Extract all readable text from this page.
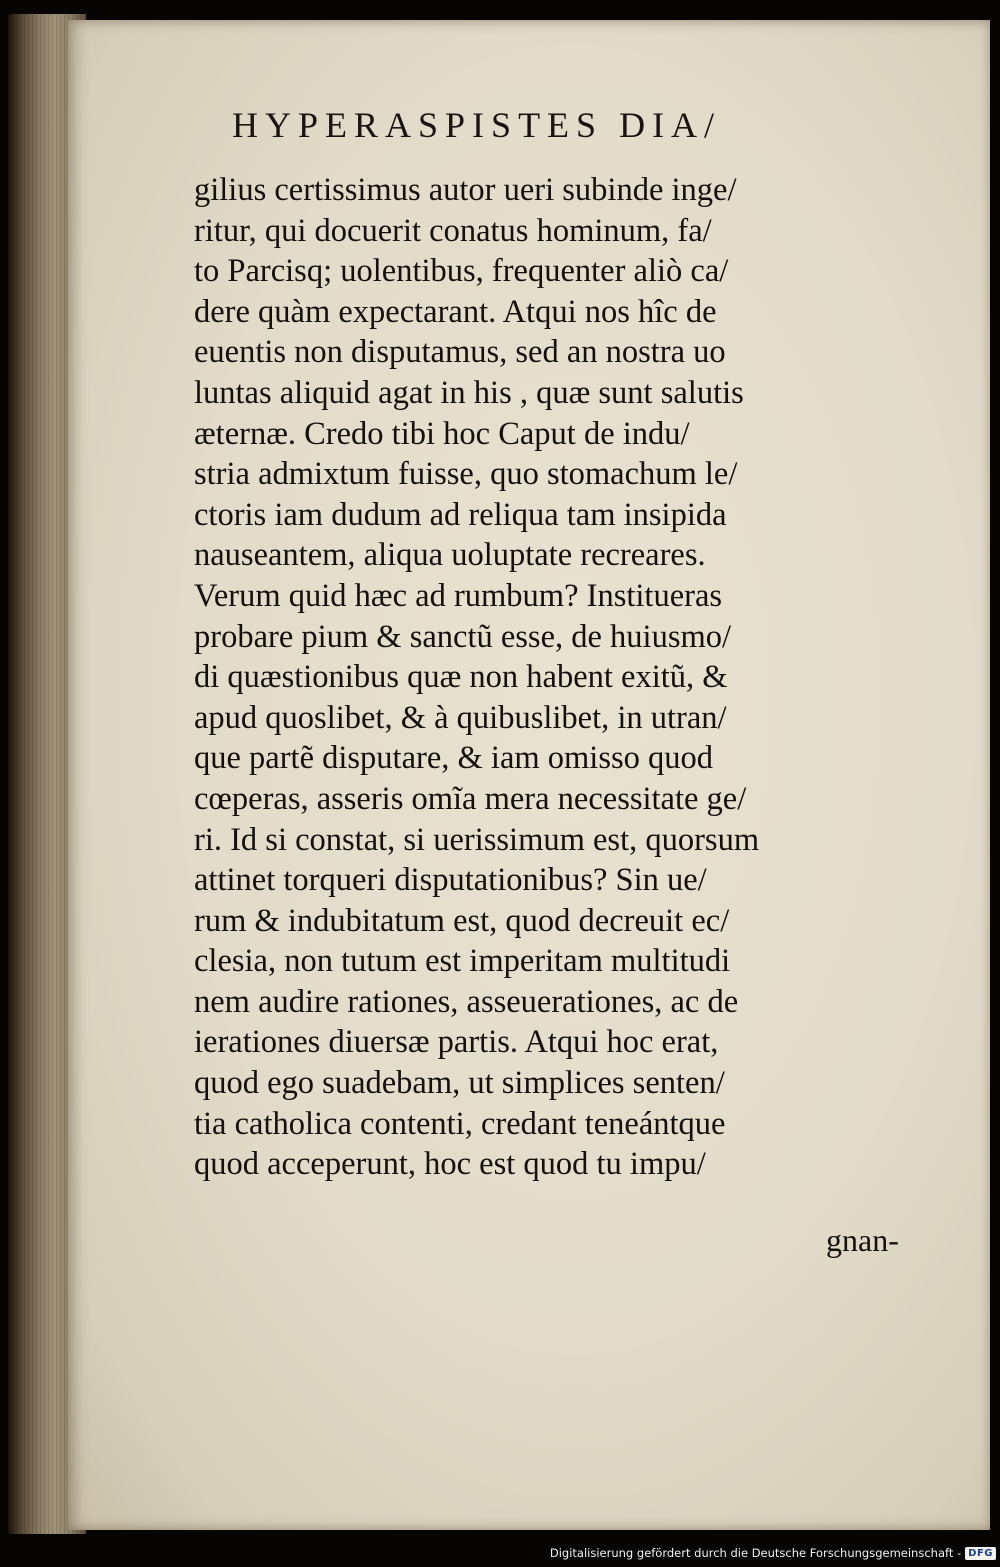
HYPERASPISTES DIA/
gilius certissimus autor ueri subinde inge/
ritur, qui docuerit conatus hominum, fa/
to Parcisq; uolentibus, frequenter aliò ca/
dere quàm expectarant. Atqui nos hîc de
euentis non disputamus, sed an nostra uo
luntas aliquid agat in his , quæ sunt salutis
æternæ. Credo tibi hoc Caput de indu/
stria admixtum fuisse, quo stomachum le/
ctoris iam dudum ad reliqua tam insipida
nauseantem, aliqua uoluptate recreares.
Verum quid hæc ad rumbum? Institueras
probare pium & sanctũ esse, de huiusmo/
di quæstionibus quæ non habent exitũ, &
apud quoslibet, & à quibuslibet, in utran/
que partẽ disputare, & iam omisso quod
cœperas, asseris omĩa mera necessitate ge/
ri. Id si constat, si uerissimum est, quorsum
attinet torqueri disputationibus? Sin ue/
rum & indubitatum est, quod decreuit ec/
clesia, non tutum est imperitam multitudi
nem audire rationes, asseuerationes, ac de
ierationes diuersæ partis. Atqui hoc erat,
quod ego suadebam, ut simplices senten/
tia catholica contenti, credant teneántque
quod acceperunt, hoc est quod tu impu/
gnan-
Digitalisierung gefördert durch die Deutsche Forschungsgemeinschaft - DFG
